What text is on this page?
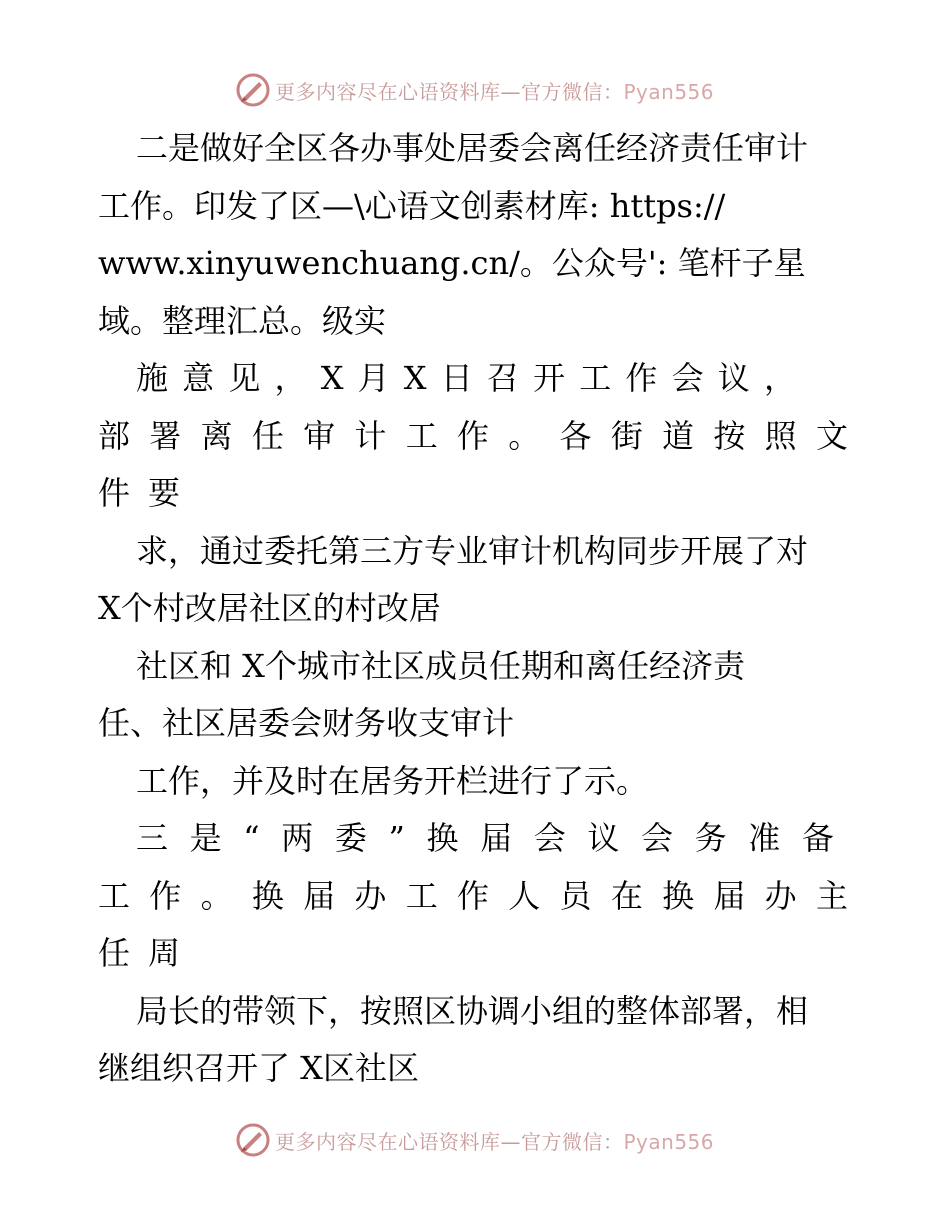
更多内容尽在心语资料库—官方微信：Pyan556
二是做好全区各办事处居委会离任经济责任审计
工作。印发了区—\心语文创素材库: https://
www.xinyuwenchuang.cn/。公众号': 笔杆子星
域。整理汇总。级实
施 意 见 ， X 月 X 日 召 开 工 作 会 议 ，
部 署 离 任 审 计 工 作 。 各 街 道 按 照 文
件 要
求，通过委托第三方专业审计机构同步开展了对
X个村改居社区的村改居
社区和 X个城市社区成员任期和离任经济责
任、社区居委会财务收支审计
工作，并及时在居务开栏进行了示。
三 是 “ 两 委 ” 换 届 会 议 会 务 准 备
工 作 。 换 届 办 工 作 人 员 在 换 届 办 主
任 周
局长的带领下，按照区协调小组的整体部署，相
继组织召开了 X区社区
更多内容尽在心语资料库—官方微信：Pyan556
